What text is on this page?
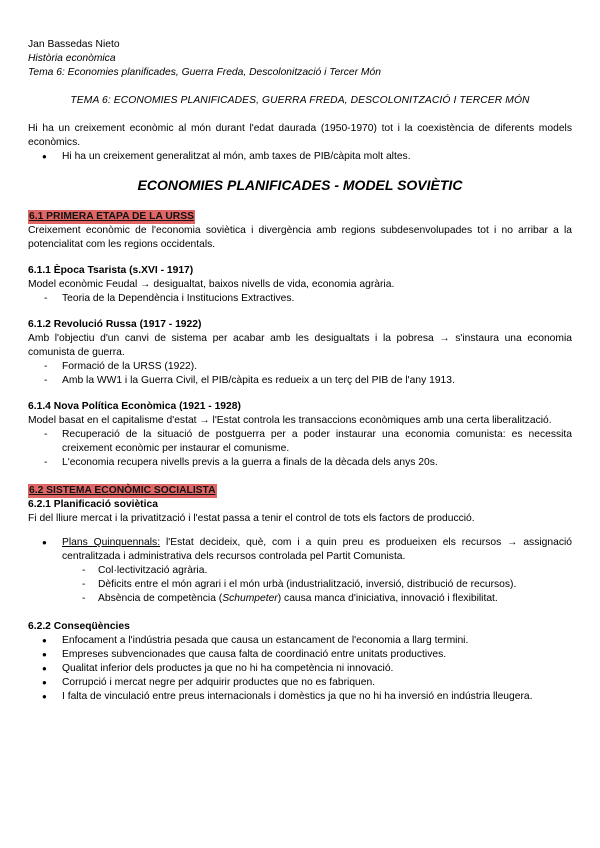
Jan Bassedas Nieto
Història econòmica
Tema 6: Economies planificades, Guerra Freda, Descolonització i Tercer Món
TEMA 6: ECONOMIES PLANIFICADES, GUERRA FREDA, DESCOLONITZACIÓ I TERCER MÓN
Hi ha un creixement econòmic al món durant l'edat daurada (1950-1970) tot i la coexistència de diferents models econòmics.
● Hi ha un creixement generalitzat al món, amb taxes de PIB/càpita molt altes.
ECONOMIES PLANIFICADES - MODEL SOVIÈTIC
6.1 PRIMERA ETAPA DE LA URSS
Creixement econòmic de l'economia soviètica i divergència amb regions subdesenvolupades tot i no arribar a la potencialitat com les regions occidentals.
6.1.1 Època Tsarista (s.XVI - 1917)
Model econòmic Feudal → desigualtat, baixos nivells de vida, economia agrària.
- Teoria de la Dependència i Institucions Extractives.
6.1.2 Revolució Russa (1917 - 1922)
Amb l'objectiu d'un canvi de sistema per acabar amb les desigualtats i la pobresa → s'instaura una economia comunista de guerra.
- Formació de la URSS (1922).
- Amb la WW1 i la Guerra Civil, el PIB/càpita es redueix a un terç del PIB de l'any 1913.
6.1.4 Nova Política Econòmica (1921 - 1928)
Model basat en el capitalisme d'estat → l'Estat controla les transaccions econòmiques amb una certa liberalització.
- Recuperació de la situació de postguerra per a poder instaurar una economia comunista: es necessita creixement econòmic per instaurar el comunisme.
- L'economia recupera nivells previs a la guerra a finals de la dècada dels anys 20s.
6.2 SISTEMA ECONÒMIC SOCIALISTA
6.2.1 Planificació soviètica
Fi del lliure mercat i la privatització i l'estat passa a tenir el control de tots els factors de producció.
● Plans Quinquennals: l'Estat decideix, què, com i a quin preu es produeixen els recursos → assignació centralitzada i administrativa dels recursos controlada pel Partit Comunista.
- Col·lectivització agrària.
- Dèficits entre el món agrari i el món urbà (industrialització, inversió, distribució de recursos).
- Absència de competència (Schumpeter) causa manca d'iniciativa, innovació i flexibilitat.
6.2.2 Conseqüències
● Enfocament a l'indústria pesada que causa un estancament de l'economia a llarg termini.
● Empreses subvencionades que causa falta de coordinació entre unitats productives.
● Qualitat inferior dels productes ja que no hi ha competència ni innovació.
● Corrupció i mercat negre per adquirir productes que no es fabriquen.
● I falta de vinculació entre preus internacionals i domèstics ja que no hi ha inversió en indústria lleugera.
